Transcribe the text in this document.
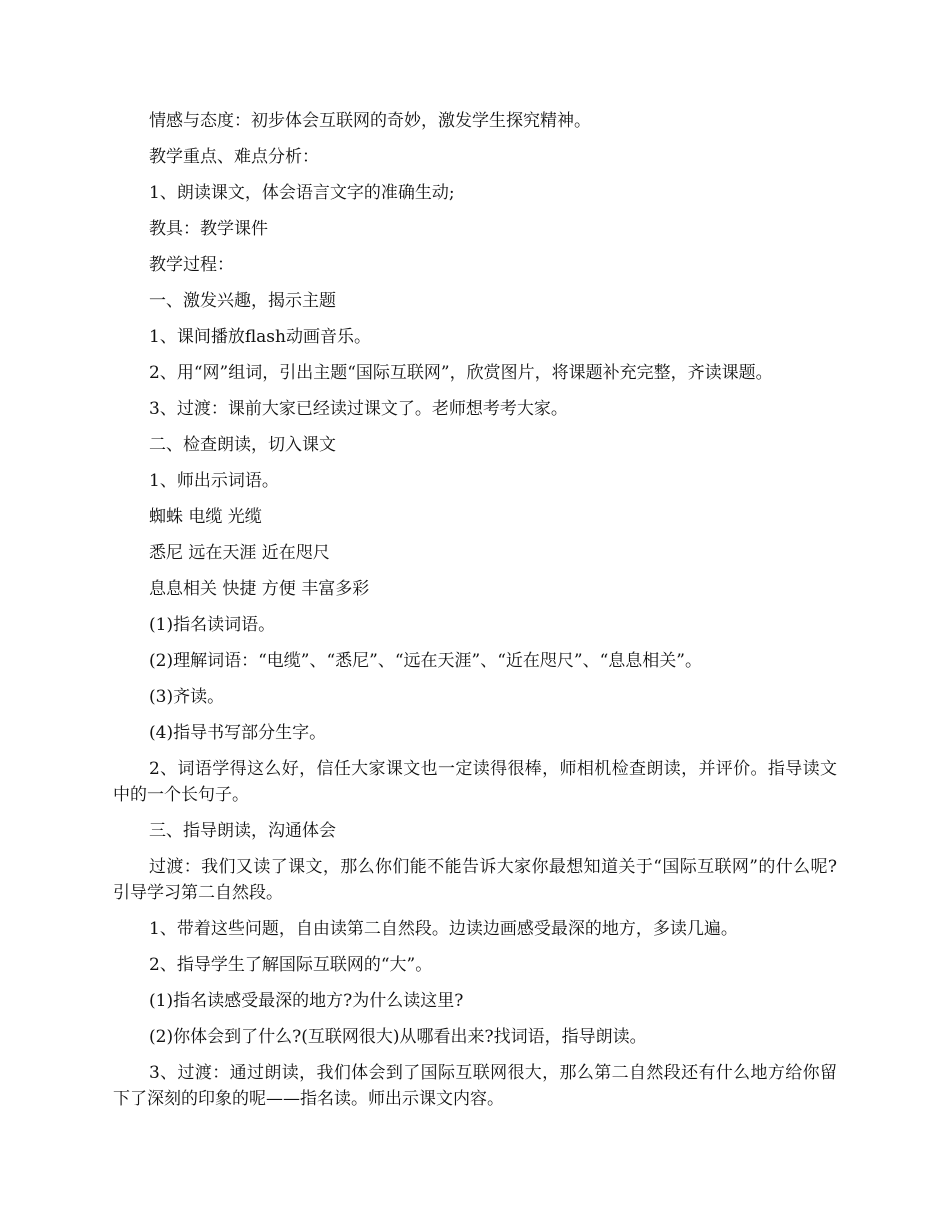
情感与态度：初步体会互联网的奇妙，激发学生探究精神。

教学重点、难点分析：

1、朗读课文，体会语言文字的准确生动;

教具：教学课件

教学过程：

一、激发兴趣，揭示主题

1、课间播放flash动画音乐。

2、用“网”组词，引出主题“国际互联网”，欣赏图片，将课题补充完整，齐读课题。

3、过渡：课前大家已经读过课文了。老师想考考大家。

二、检查朗读，切入课文

1、师出示词语。

蜘蛛 电缆 光缆

悉尼 远在天涯 近在咫尺

息息相关 快捷 方便 丰富多彩

(1)指名读词语。

(2)理解词语：“电缆”、“悉尼”、“远在天涯”、“近在咫尺”、“息息相关”。

(3)齐读。

(4)指导书写部分生字。

2、词语学得这么好，信任大家课文也一定读得很棒，师相机检查朗读，并评价。指导读文中的一个长句子。

三、指导朗读，沟通体会

过渡：我们又读了课文，那么你们能不能告诉大家你最想知道关于“国际互联网”的什么呢?引导学习第二自然段。

1、带着这些问题，自由读第二自然段。边读边画感受最深的地方，多读几遍。

2、指导学生了解国际互联网的“大”。

(1)指名读感受最深的地方?为什么读这里?

(2)你体会到了什么?(互联网很大)从哪看出来?找词语，指导朗读。

3、过渡：通过朗读，我们体会到了国际互联网很大，那么第二自然段还有什么地方给你留下了深刻的印象的呢——指名读。师出示课文内容。
